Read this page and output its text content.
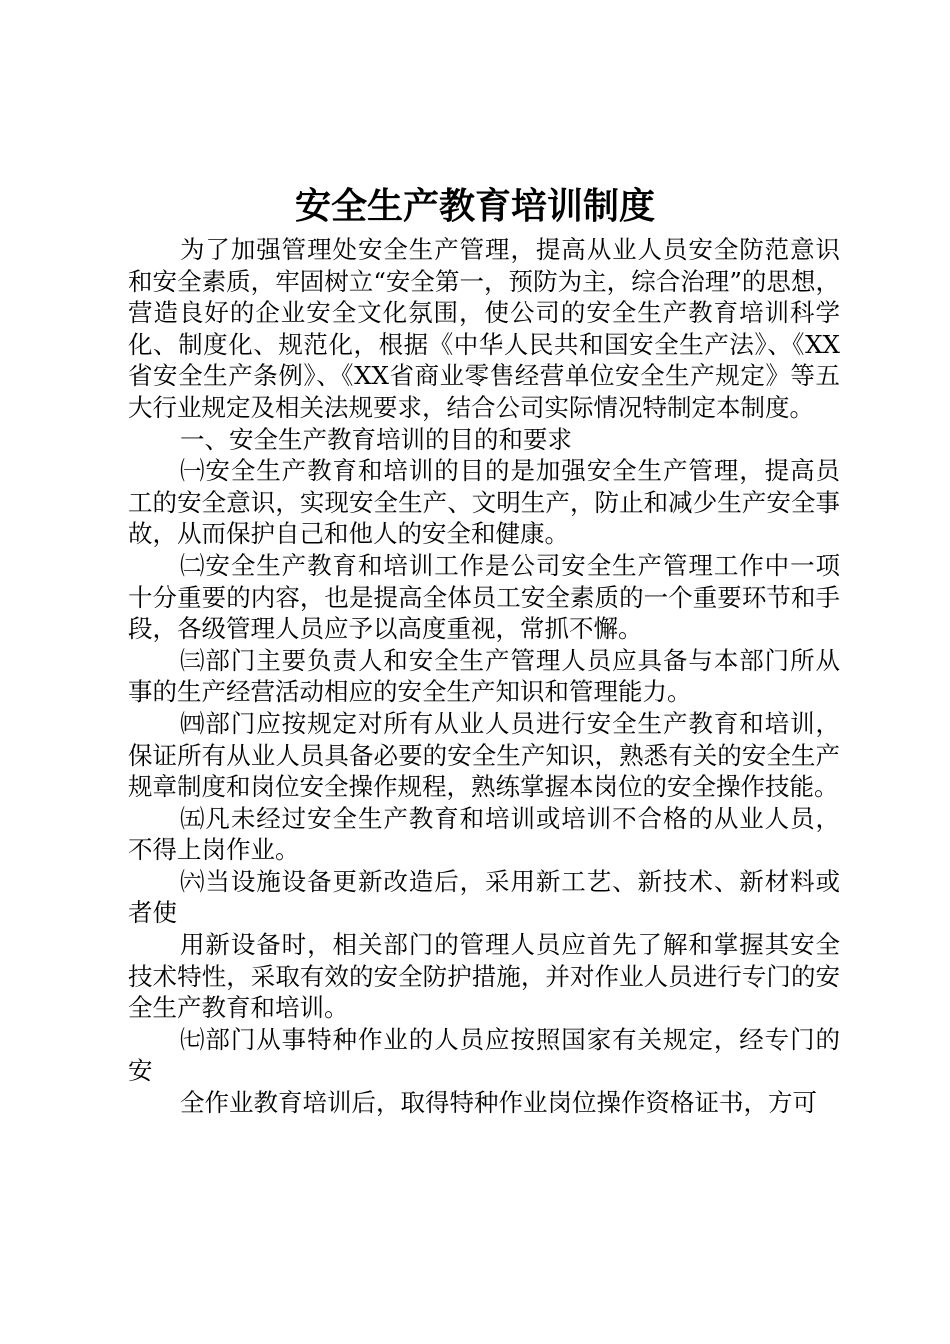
安全生产教育培训制度

为了加强管理处安全生产管理，提高从业人员安全防范意识和安全素质，牢固树立“安全第一，预防为主，综合治理”的思想，营造良好的企业安全文化氛围，使公司的安全生产教育培训科学化、制度化、规范化，根据《中华人民共和国安全生产法》、《XX省安全生产条例》、《XX省商业零售经营单位安全生产规定》等五大行业规定及相关法规要求，结合公司实际情况特制定本制度。

一、安全生产教育培训的目的和要求

㈠安全生产教育和培训的目的是加强安全生产管理，提高员工的安全意识，实现安全生产、文明生产，防止和减少生产安全事故，从而保护自己和他人的安全和健康。

㈡安全生产教育和培训工作是公司安全生产管理工作中一项十分重要的内容，也是提高全体员工安全素质的一个重要环节和手段，各级管理人员应予以高度重视，常抓不懈。

㈢部门主要负责人和安全生产管理人员应具备与本部门所从事的生产经营活动相应的安全生产知识和管理能力。

㈣部门应按规定对所有从业人员进行安全生产教育和培训，保证所有从业人员具备必要的安全生产知识，熟悉有关的安全生产规章制度和岗位安全操作规程，熟练掌握本岗位的安全操作技能。

㈤凡未经过安全生产教育和培训或培训不合格的从业人员，不得上岗作业。

㈥当设施设备更新改造后，采用新工艺、新技术、新材料或者使

用新设备时，相关部门的管理人员应首先了解和掌握其安全技术特性，采取有效的安全防护措施，并对作业人员进行专门的安全生产教育和培训。

㈦部门从事特种作业的人员应按照国家有关规定，经专门的安

全作业教育培训后，取得特种作业岗位操作资格证书，方可
